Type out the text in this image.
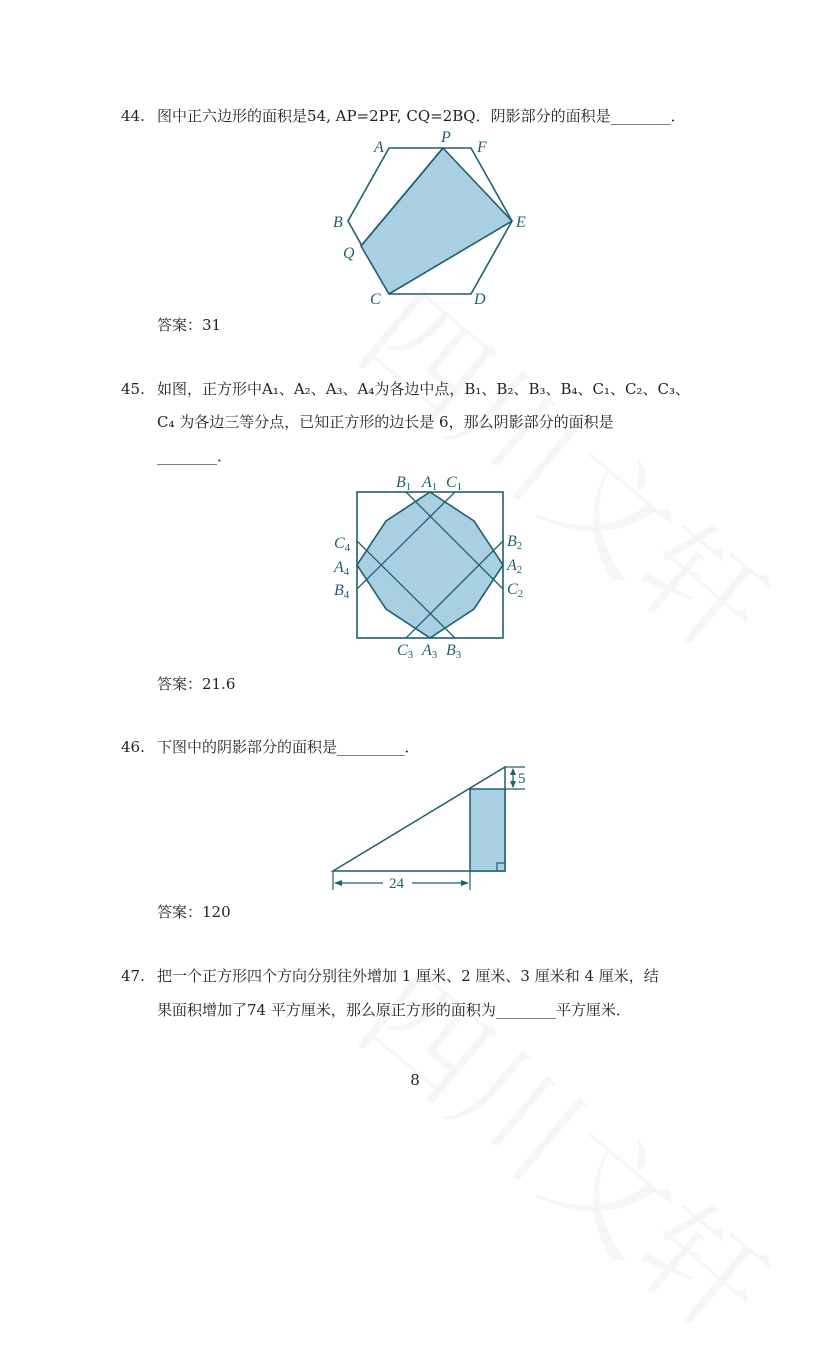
44. 图中正六边形的面积是54, AP=2PF, CQ=2BQ．阴影部分的面积是________．
A
P
F
B	E
Q
C	D
答案：31
45. 如图，正方形中A₁、A₂、A₃、A₄为各边中点，B₁、B₂、B₃、B₄、C₁、C₂、C₃、
C₄ 为各边三等分点，已知正方形的边长是 6，那么阴影部分的面积是
________．
B1 A1 C1
B2
A2
C2
C3 A3 B3
C4
A4
B4
答案：21.6
46. 下图中的阴影部分的面积是_________．
24
5
答案：120
47. 把一个正方形四个方向分别往外增加 1 厘米、2 厘米、3 厘米和 4 厘米，结
果面积增加了74 平方厘米，那么原正方形的面积为________平方厘米．
8
